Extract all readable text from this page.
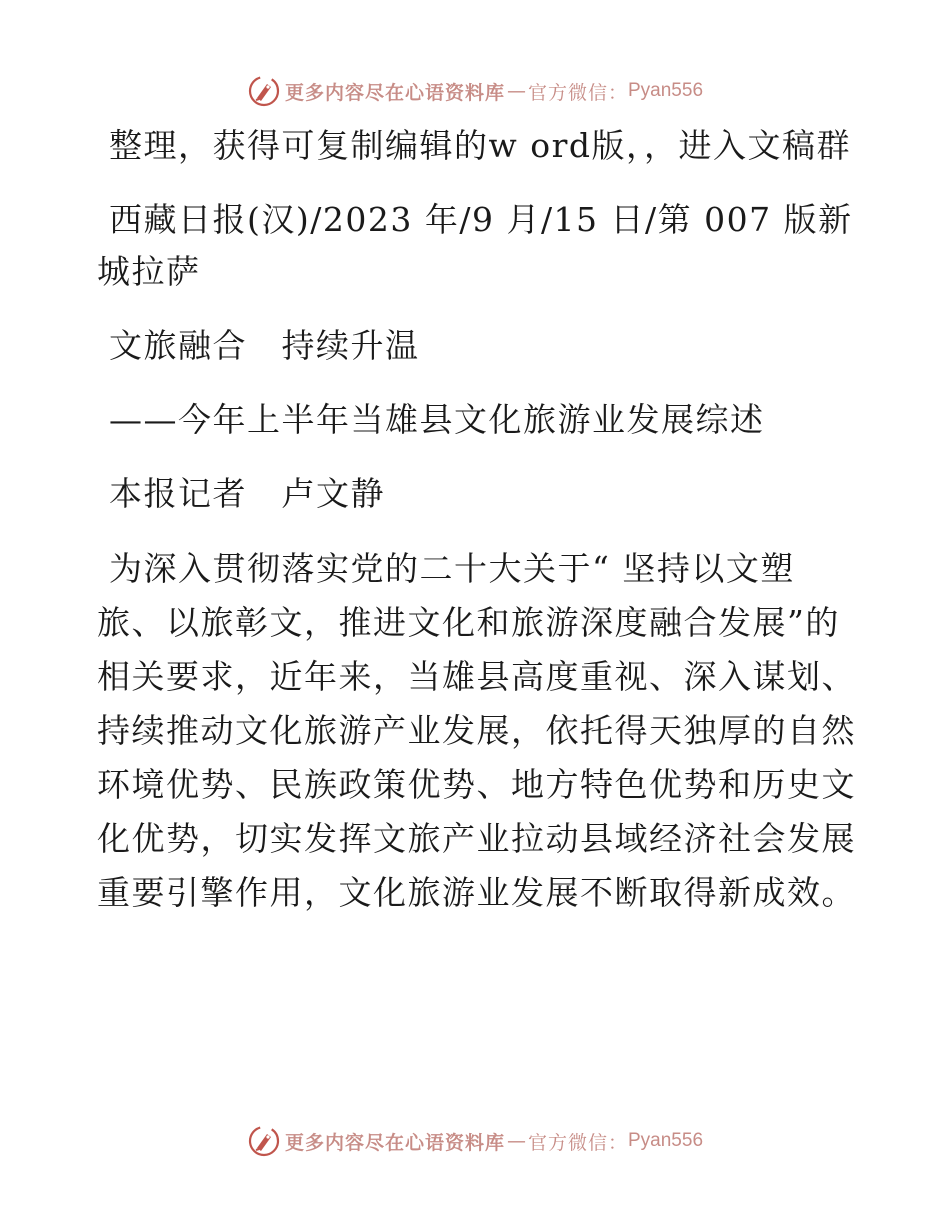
更多内容尽在心语资料库 — 官方微信： Pyan556

整理，获得可复制编辑的w ord版，，进入文稿群

西藏日报(汉)/2023 年/9 月/15 日/第 007 版新城拉萨

文旅融合　持续升温

——今年上半年当雄县文化旅游业发展综述

本报记者　卢文静

为深入贯彻落实党的二十大关于“ 坚持以文塑旅、以旅彰文，推进文化和旅游深度融合发展”的相关要求，近年来，当雄县高度重视、深入谋划、持续推动文化旅游产业发展，依托得天独厚的自然环境优势、民族政策优势、地方特色优势和历史文化优势，切实发挥文旅产业拉动县域经济社会发展重要引擎作用，文化旅游业发展不断取得新成效。

更多内容尽在心语资料库 — 官方微信： Pyan556
